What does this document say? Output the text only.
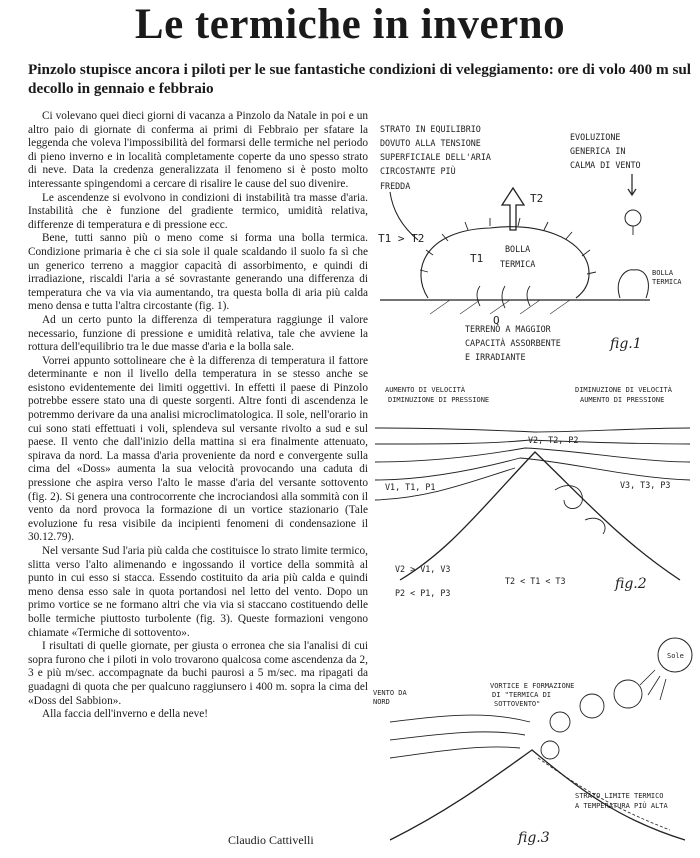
Le termiche in inverno
Pinzolo stupisce ancora i piloti per le sue fantastiche condizioni di veleggiamento: ore di volo 400 m sul decollo in gennaio e febbraio

Ci volevano quei dieci giorni di vacanza a Pinzolo da Natale in poi e un altro paio di giornate di conferma ai primi di Febbraio per sfatare la leggenda che voleva l'impossibilità del formarsi delle termiche nel periodo di pieno inverno e in località completamente coperte da uno spesso strato di neve. Data la credenza generalizzata il fenomeno si è posto molto interessante spingendomi a cercare di risalire le cause del suo divenire.

Le ascendenze si evolvono in condizioni di instabilità tra masse d'aria. Instabilità che è funzione del gradiente termico, umidità relativa, differenze di temperatura e di pressione ecc.

Bene, tutti sanno più o meno come si forma una bolla termica. Condizione primaria è che ci sia sole il quale scaldando il suolo fa sì che un generico terreno a maggior capacità di assorbimento, e quindi di irradiazione, riscaldi l'aria a sé sovrastante generando una differenza di temperatura che va via via aumentando, tra questa bolla di aria più calda meno densa e tutta l'altra circostante (fig. 1).

Ad un certo punto la differenza di temperatura raggiunge il valore necessario, funzione di pressione e umidità relativa, tale che avviene la rottura dell'equilibrio tra le due masse d'aria e la bolla sale.

Vorrei appunto sottolineare che è la differenza di temperatura il fattore determinante e non il livello della temperatura in se stesso anche se esistono evidentemente dei limiti oggettivi. In effetti il paese di Pinzolo potrebbe essere stato una di queste sorgenti. Altre fonti di ascendenza le potremmo derivare da una analisi microclimatologica. Il sole, nell'orario in cui sono stati effettuati i voli, splendeva sul versante rivolto a sud e sul paese. Il vento che dall'inizio della mattina si era finalmente attenuato, spirava da nord. La massa d'aria proveniente da nord e convergente sulla cima del «Doss» aumenta la sua velocità provocando una caduta di pressione che aspira verso l'alto le masse d'aria del versante sottovento (fig. 2). Si genera una controcorrente che incrociandosi alla sommità con il vento da nord provoca la formazione di un vortice stazionario (Tale evoluzione fu resa visibile da incipienti fenomeni di condensazione il 30.12.79).

Nel versante Sud l'aria più calda che costituisce lo strato limite termico, slitta verso l'alto alimenando e ingossando il vortice della sommità al punto in cui esso si stacca. Essendo costituito da aria più calda e quindi meno densa esso sale in quota portandosi nel letto del vento. Dopo un primo vortice se ne formano altri che via via si staccano costituendo delle bolle termiche piuttosto turbolente (fig. 3). Queste formazioni vengono chiamate «Termiche di sottovento».

I risultati di quelle giornate, per giusta o erronea che sia l'analisi di cui sopra furono che i piloti in volo trovarono qualcosa come ascendenza da 2, 3 e più m/sec. accompagnate da buchi paurosi a 5 m/sec. ma ripagati da guadagni di quota che per qualcuno raggiunsero i 400 m. sopra la cima del «Doss del Sabbion».

Alla faccia dell'inverno e della neve!

Claudio Cattivelli
STRATO IN EQUILIBRIO
DOVUTO ALLA TENSIONE
SUPERFICIALE DELL'ARIA
CIRCOSTANTE PIÙ
FREDDA
EVOLUZIONE
GENERICA IN
CALMA DI VENTO
T2
T1 > T2
BOLLA
TERMICA
T1
Q
BOLLA
TERMICA
TERRENO A MAGGIOR
CAPACITÀ ASSORBENTE
E IRRADIANTE
fig.1
AUMENTO DI VELOCITÀ
DIMINUZIONE DI PRESSIONE
DIMINUZIONE DI VELOCITÀ
AUMENTO DI PRESSIONE
V2, T2, P2
V1, T1, P1	V3, T3, P3
V2 > V1, V3
P2 < P1, P3
T2 < T1 < T3	fig.2
Sole
VENTO DA
NORD
VORTICE E FORMAZIONE
DI "TERMICA DI
SOTTOVENTO"
STRATO LIMITE TERMICO
A TEMPERATURA PIÙ ALTA
fig.3
